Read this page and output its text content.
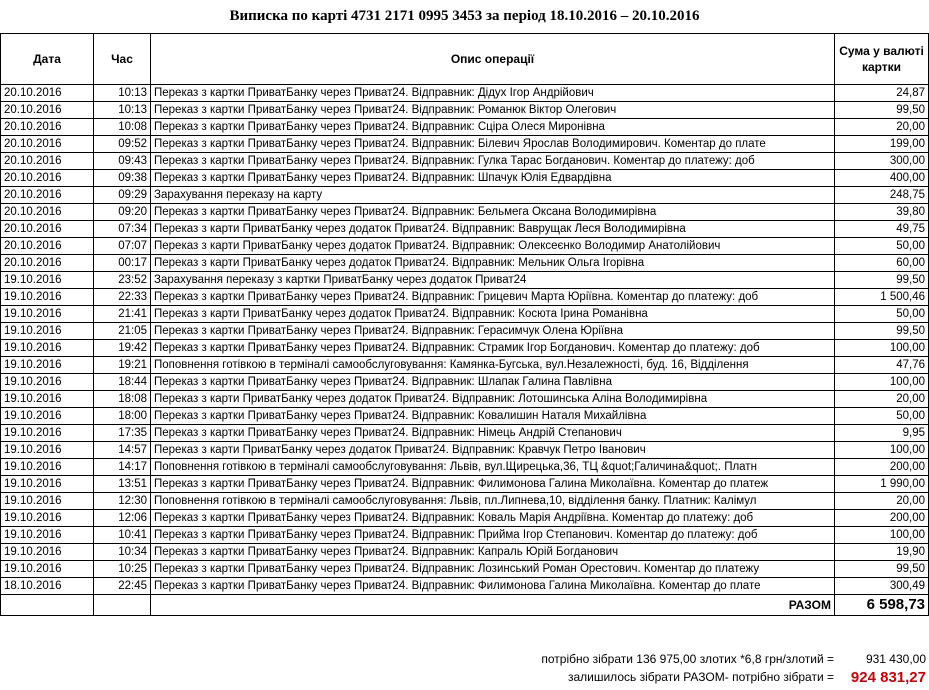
Виписка по карті 4731 2171 0995 3453 за період 18.10.2016 – 20.10.2016
Дата	Час	Опис операції	Сума у валюті картки
20.10.2016	10:13	Переказ з картки ПриватБанку через Приват24. Відправник: Дідух Ігор Андрійович	24,87
20.10.2016	10:13	Переказ з картки ПриватБанку через Приват24. Відправник: Романюк Віктор Олегович	99,50
20.10.2016	10:08	Переказ з картки ПриватБанку через Приват24. Відправник: Сціра Олеся Миронівна	20,00
20.10.2016	09:52	Переказ з картки ПриватБанку через Приват24. Відправник: Білевич Ярослав Володимирович. Коментар до плате	199,00
20.10.2016	09:43	Переказ з картки ПриватБанку через Приват24. Відправник: Гулка Тарас Богданович. Коментар до платежу: доб	300,00
20.10.2016	09:38	Переказ з картки ПриватБанку через Приват24. Відправник: Шпачук Юлія Едвардівна	400,00
20.10.2016	09:29	Зарахування переказу на карту	248,75
20.10.2016	09:20	Переказ з картки ПриватБанку через Приват24. Відправник: Бельмега Оксана Володимирівна	39,80
20.10.2016	07:34	Переказ з карти ПриватБанку через додаток Приват24. Відправник: Ваврущак Леся Володимирівна	49,75
20.10.2016	07:07	Переказ з карти ПриватБанку через додаток Приват24. Відправник: Олексеєнко Володимир Анатолійович	50,00
20.10.2016	00:17	Переказ з карти ПриватБанку через додаток Приват24. Відправник: Мельник Ольга Ігорівна	60,00
19.10.2016	23:52	Зарахування переказу з картки ПриватБанку через додаток Приват24	99,50
19.10.2016	22:33	Переказ з картки ПриватБанку через Приват24. Відправник: Грицевич Марта Юріївна. Коментар до платежу: доб	1 500,46
19.10.2016	21:41	Переказ з карти ПриватБанку через додаток Приват24. Відправник: Косюта Ірина Романівна	50,00
19.10.2016	21:05	Переказ з картки ПриватБанку через Приват24. Відправник: Герасимчук Олена Юріївна	99,50
19.10.2016	19:42	Переказ з картки ПриватБанку через Приват24. Відправник: Страмик Ігор Богданович. Коментар до платежу: доб	100,00
19.10.2016	19:21	Поповнення готівкою в терміналі самообслуговування: Камянка-Бугська, вул.Незалежності, буд. 16, Відділення	47,76
19.10.2016	18:44	Переказ з картки ПриватБанку через Приват24. Відправник: Шлапак Галина Павлівна	100,00
19.10.2016	18:08	Переказ з карти ПриватБанку через додаток Приват24. Відправник: Лотошинська Аліна Володимирівна	20,00
19.10.2016	18:00	Переказ з картки ПриватБанку через Приват24. Відправник: Ковалишин Наталя Михайлівна	50,00
19.10.2016	17:35	Переказ з картки ПриватБанку через Приват24. Відправник: Німець Андрій Степанович	9,95
19.10.2016	14:57	Переказ з карти ПриватБанку через додаток Приват24. Відправник: Кравчук Петро Іванович	100,00
19.10.2016	14:17	Поповнення готівкою в терміналі самообслуговування: Львів, вул.Щирецька,36, ТЦ &quot;Галичина&quot;. Платн	200,00
19.10.2016	13:51	Переказ з картки ПриватБанку через Приват24. Відправник: Филимонова Галина Миколаївна. Коментар до платеж	1 990,00
19.10.2016	12:30	Поповнення готівкою в терміналі самообслуговування: Львів, пл.Липнева,10, відділення банку. Платник: Калімул	20,00
19.10.2016	12:06	Переказ з картки ПриватБанку через Приват24. Відправник: Коваль Марія Андріївна. Коментар до платежу: доб	200,00
19.10.2016	10:41	Переказ з картки ПриватБанку через Приват24. Відправник: Прийма Ігор Степанович. Коментар до платежу: доб	100,00
19.10.2016	10:34	Переказ з картки ПриватБанку через Приват24. Відправник: Капраль Юрій Богданович	19,90
19.10.2016	10:25	Переказ з картки ПриватБанку через Приват24. Відправник: Лозинський Роман Орестович. Коментар до платежу	99,50
18.10.2016	22:45	Переказ з картки ПриватБанку через Приват24. Відправник: Филимонова Галина Миколаївна. Коментар до плате	300,49
		РАЗОМ	6 598,73
потрібно зібрати 136 975,00 злотих *6,8 грн/злотий =	931 430,00
залишилось зібрати РАЗОМ- потрібно зібрати = 924 831,27
